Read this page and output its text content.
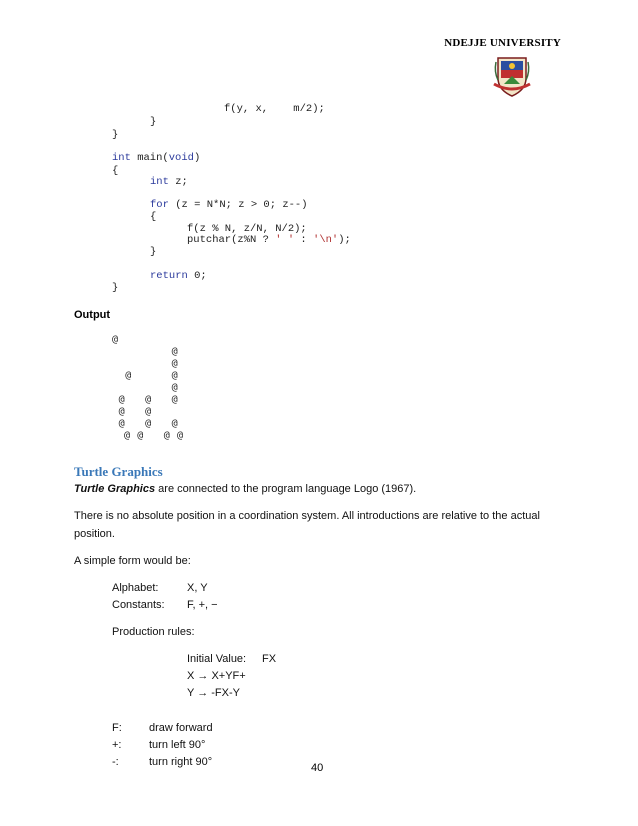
NDEJJE UNIVERSITY
f(y, x,    m/2);
}
}
int main(void)
{
int z;
for (z = N*N; z > 0; z--)
{
f(z % N, z/N, N/2);
putchar(z%N ? ' ' : '\n');
}
return 0;
}
Output
@
@
@
@      @
@
@   @   @
@   @
@   @   @
@ @   @ @
Turtle Graphics
Turtle Graphics are connected to the program language Logo (1967).
There is no absolute position in a coordination system. All introductions are relative to the actual
position.
A simple form would be:
Alphabet:	X, Y
Constants: F, +, −
Production rules:
Initial Value: FX
X → X+YF+
Y → -FX-Y
F: draw forward
+:	turn left 90°
-:	turn right 90°	40
